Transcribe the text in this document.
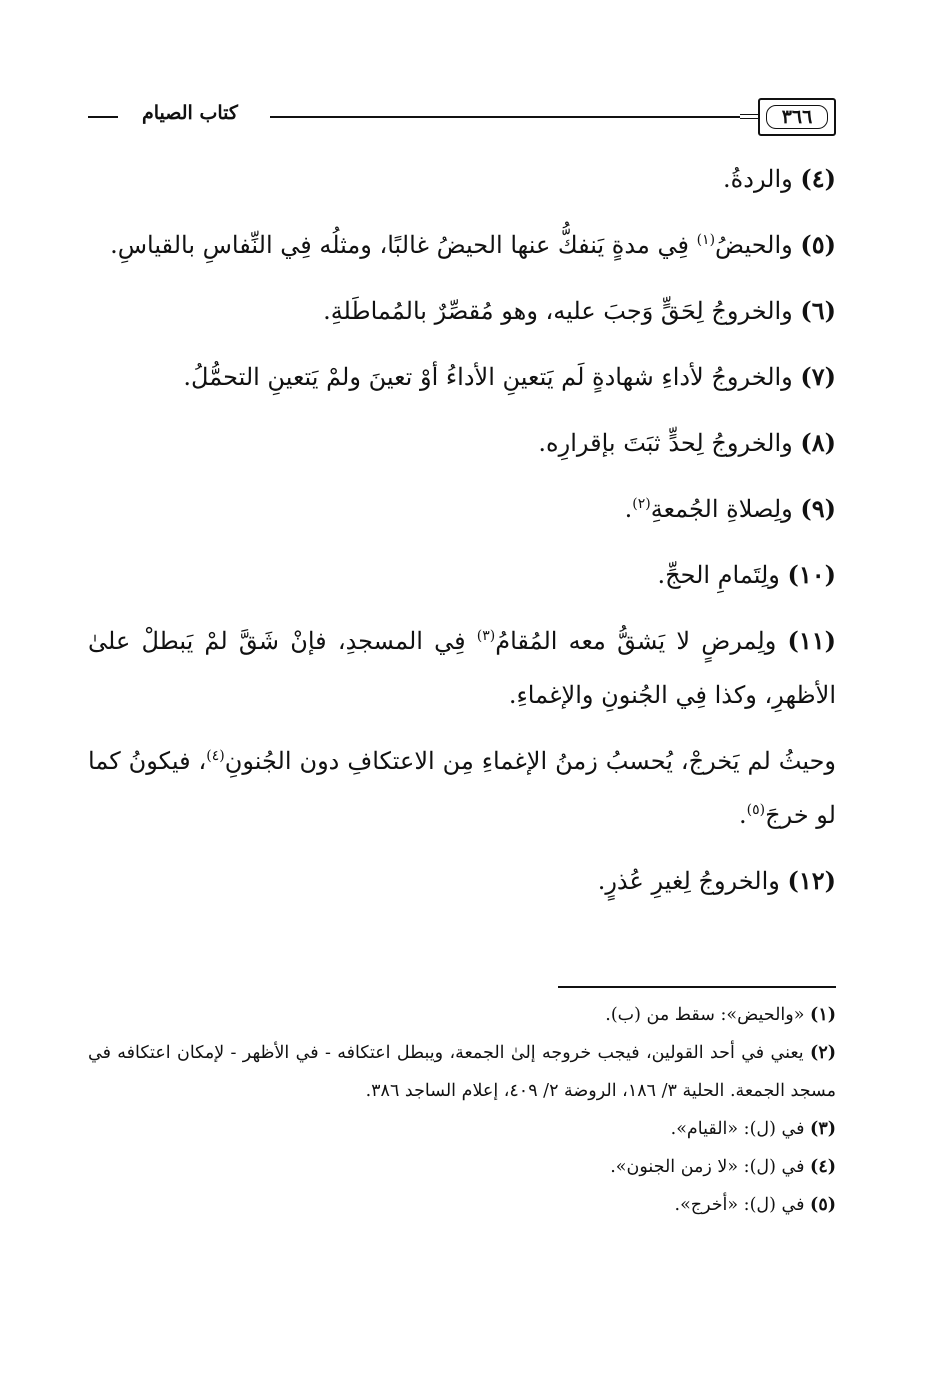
٣٦٦
كتاب الصيام

(٤) والردةُ.

(٥) والحيضُ$^{(١)}$ فِي مدةٍ يَنفكُّ عنها الحيضُ غالبًا، ومثلُه فِي النِّفاسِ بالقياسِ.

(٦) والخروجُ لِحَقٍّ وَجبَ عليه، وهو مُقصِّرٌ بالمُماطَلةِ.

(٧) والخروجُ لأداءِ شهادةٍ لَم يَتعينِ الأداءُ أوْ تعينَ ولمْ يَتعينِ التحمُّلُ.

(٨) والخروجُ لِحدٍّ ثبَتَ بإقرارِه.

(٩) ولِصلاةِ الجُمعةِ$^{(٢)}$.

(١٠) ولِتَمامِ الحجِّ.

(١١) ولِمرضٍ لا يَشقُّ معه المُقامُ$^{(٣)}$ فِي المسجدِ، فإنْ شَقَّ لمْ يَبطلْ علىٰ الأظهرِ، وكذا فِي الجُنونِ والإغماءِ.

وحيثُ لم يَخرجْ، يُحسبُ زمنُ الإغماءِ مِن الاعتكافِ دون الجُنونِ$^{(٤)}$، فيكونُ كما لو خرجَ$^{(٥)}$.

(١٢) والخروجُ لِغيرِ عُذرٍ.

(١) «والحيض»: سقط من (ب).

(٢) يعني في أحد القولين، فيجب خروجه إلىٰ الجمعة، ويبطل اعتكافه - في الأظهر - لإمكان اعتكافه في مسجد الجمعة. الحلية ٣/ ١٨٦، الروضة ٢/ ٤٠٩، إعلام الساجد ٣٨٦.

(٣) في (ل): «القيام».

(٤) في (ل): «لا زمن الجنون».

(٥) في (ل): «أخرج».
